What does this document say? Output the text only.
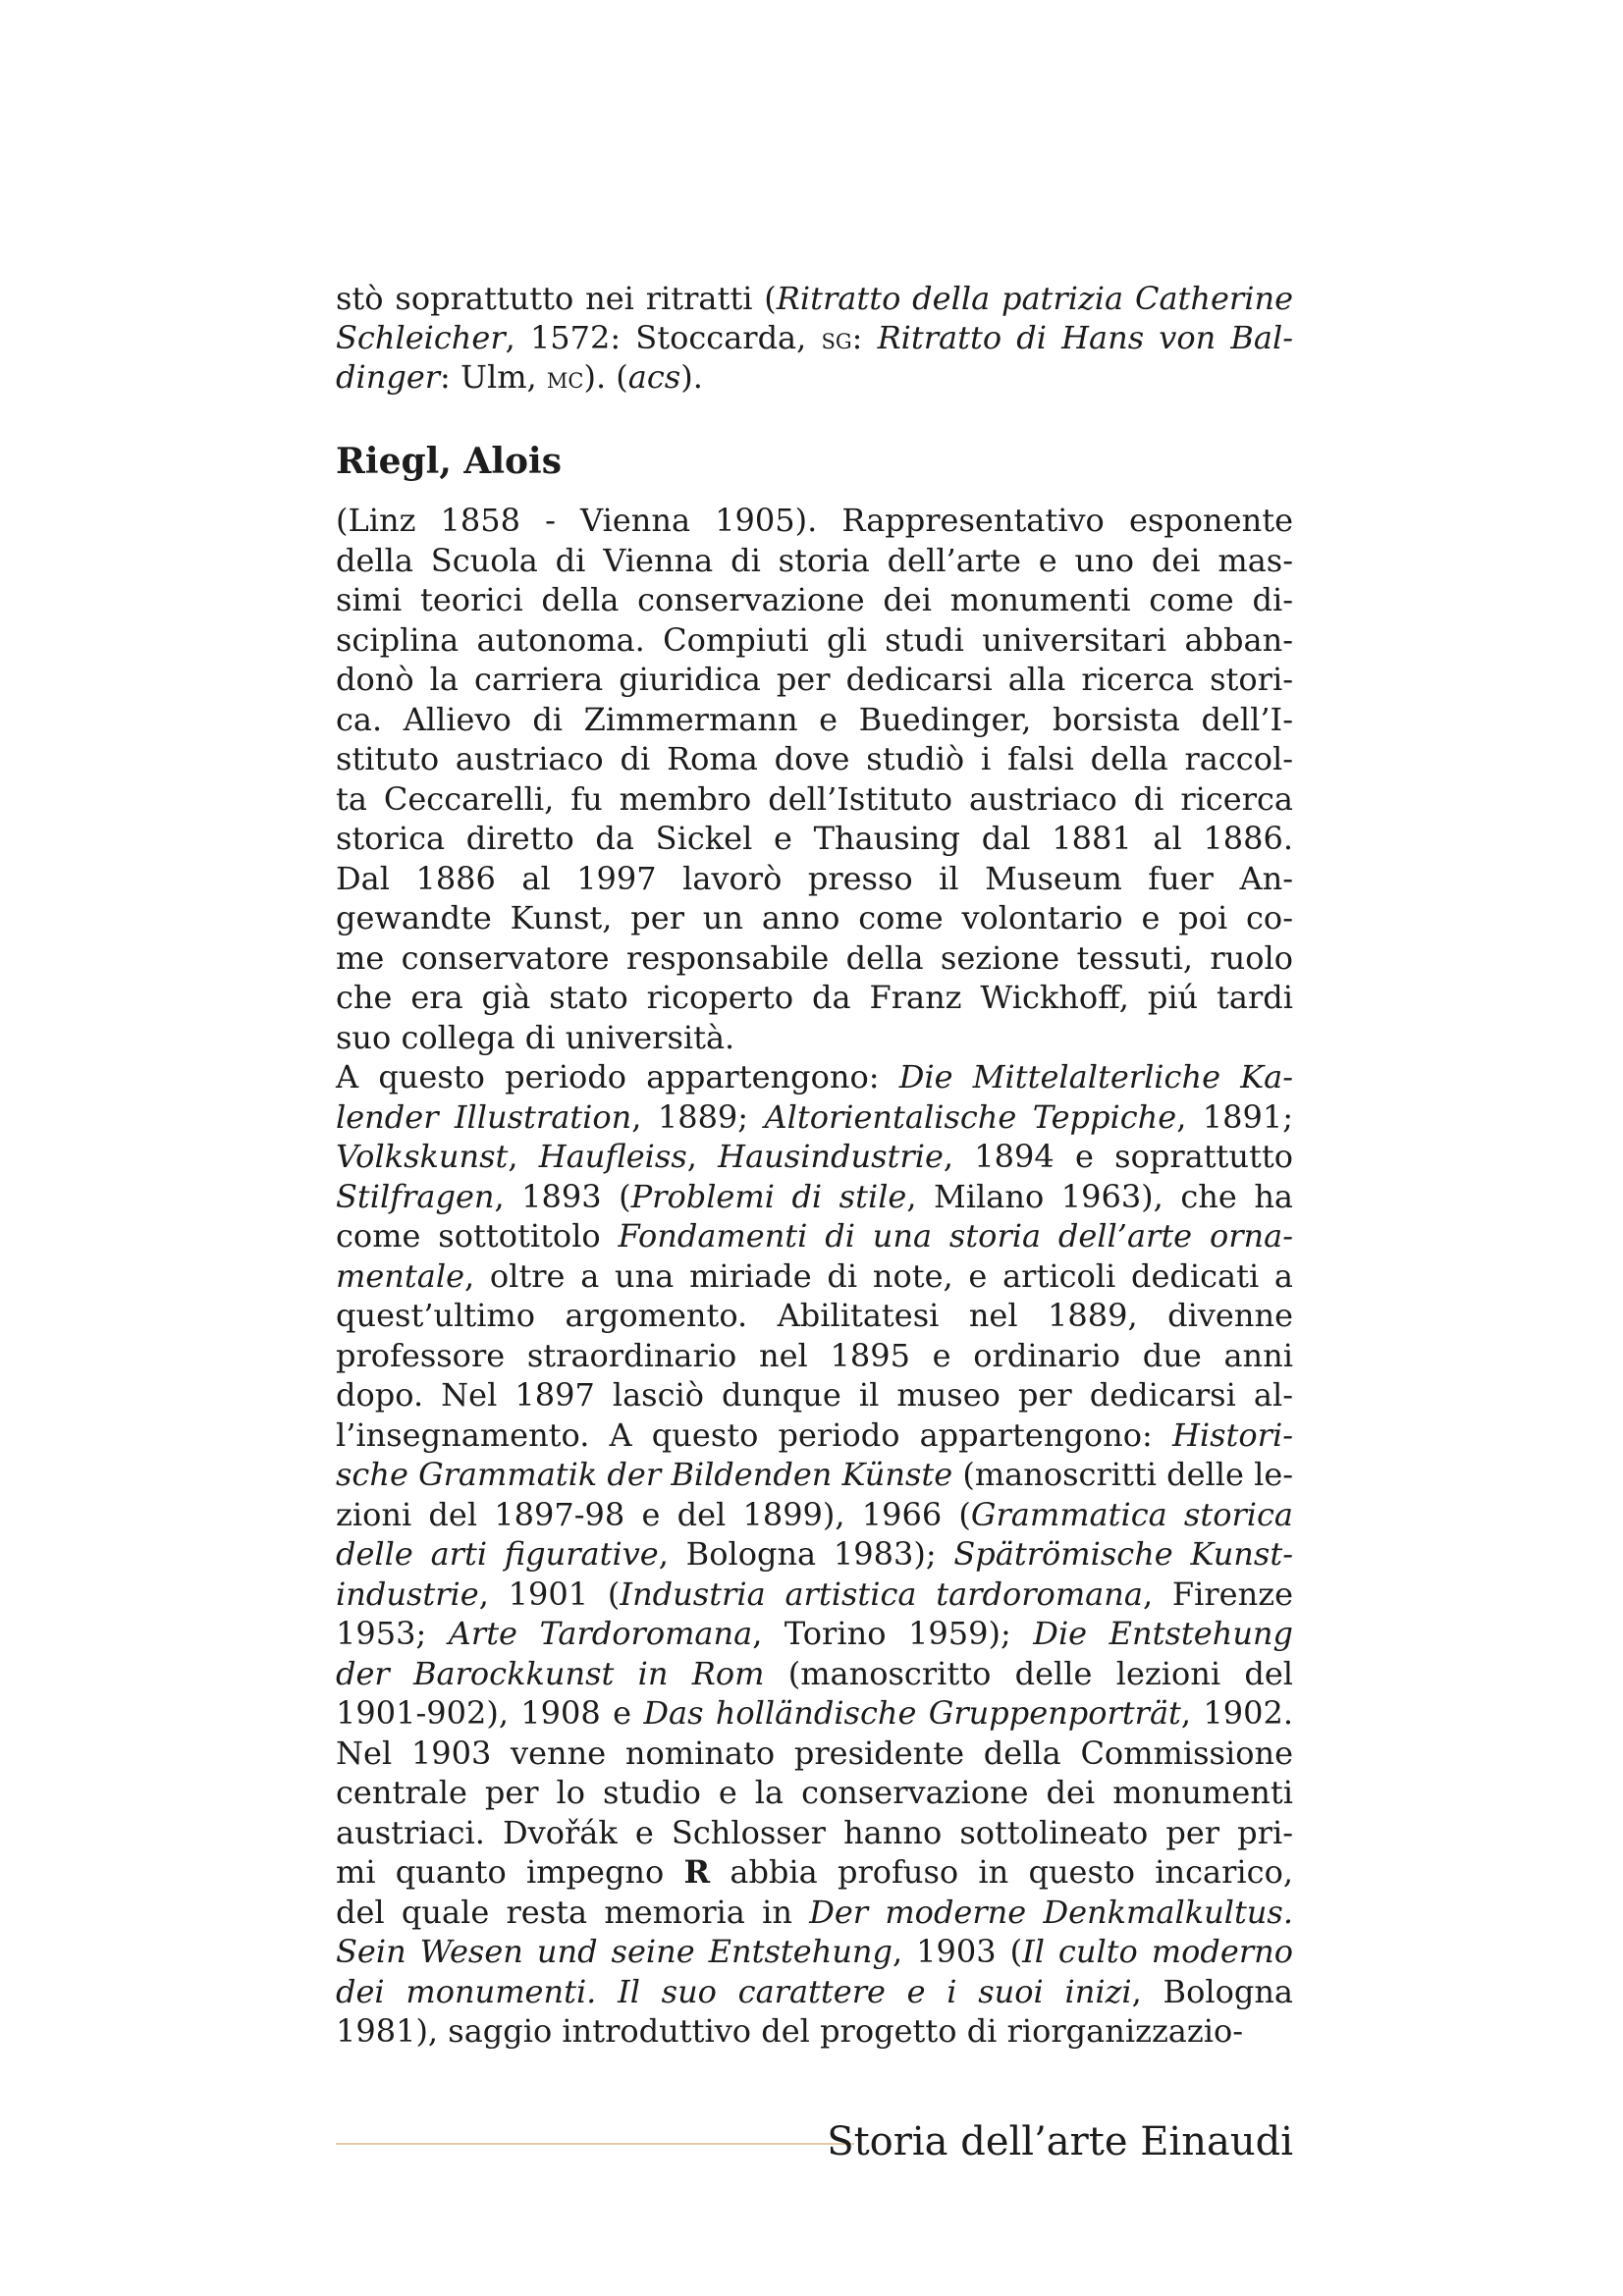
stò soprattutto nei ritratti (Ritratto della patrizia Catherine
Schleicher, 1572: Stoccarda, sg: Ritratto di Hans von Bal-
dinger: Ulm, mc). (acs).
Riegl, Alois
(Linz 1858 - Vienna 1905). Rappresentativo esponente
della Scuola di Vienna di storia dell’arte e uno dei mas-
simi teorici della conservazione dei monumenti come di-
sciplina autonoma. Compiuti gli studi universitari abban-
donò la carriera giuridica per dedicarsi alla ricerca stori-
ca. Allievo di Zimmermann e Buedinger, borsista dell’I-
stituto austriaco di Roma dove studiò i falsi della raccol-
ta Ceccarelli, fu membro dell’Istituto austriaco di ricerca
storica diretto da Sickel e Thausing dal 1881 al 1886.
Dal 1886 al 1997 lavorò presso il Museum fuer An-
gewandte Kunst, per un anno come volontario e poi co-
me conservatore responsabile della sezione tessuti, ruolo
che era già stato ricoperto da Franz Wickhoff, piú tardi
suo collega di università.
A questo periodo appartengono: Die Mittelalterliche Ka-
lender Illustration, 1889; Altorientalische Teppiche, 1891;
Volkskunst, Haufleiss, Hausindustrie, 1894 e soprattutto
Stilfragen, 1893 (Problemi di stile, Milano 1963), che ha
come sottotitolo Fondamenti di una storia dell’arte orna-
mentale, oltre a una miriade di note, e articoli dedicati a
quest’ultimo argomento. Abilitatesi nel 1889, divenne
professore straordinario nel 1895 e ordinario due anni
dopo. Nel 1897 lasciò dunque il museo per dedicarsi al-
l’insegnamento. A questo periodo appartengono: Histori-
sche Grammatik der Bildenden Künste (manoscritti delle le-
zioni del 1897-98 e del 1899), 1966 (Grammatica storica
delle arti figurative, Bologna 1983); Spätrömische Kunst-
industrie, 1901 (Industria artistica tardoromana, Firenze
1953; Arte Tardoromana, Torino 1959); Die Entstehung
der Barockkunst in Rom (manoscritto delle lezioni del
1901-902), 1908 e Das holländische Gruppenporträt, 1902.
Nel 1903 venne nominato presidente della Commissione
centrale per lo studio e la conservazione dei monumenti
austriaci. Dvořák e Schlosser hanno sottolineato per pri-
mi quanto impegno R abbia profuso in questo incarico,
del quale resta memoria in Der moderne Denkmalkultus.
Sein Wesen und seine Entstehung, 1903 (Il culto moderno
dei monumenti. Il suo carattere e i suoi inizi, Bologna
1981), saggio introduttivo del progetto di riorganizzazio-
Storia dell’arte Einaudi
